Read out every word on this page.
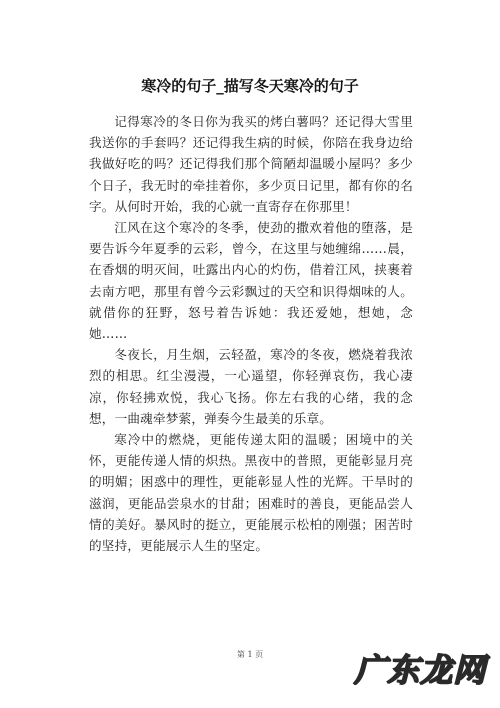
寒冷的句子_描写冬天寒冷的句子

记得寒冷的冬日你为我买的烤白薯吗？还记得大雪里我送你的手套吗？还记得我生病的时候，你陪在我身边给我做好吃的吗？还记得我们那个简陋却温暖小屋吗？多少个日子，我无时的牵挂着你，多少页日记里，都有你的名字。从何时开始，我的心就一直寄存在你那里！

江风在这个寒冷的冬季，使劲的撒欢着他的堕落，是要告诉今年夏季的云彩，曾今，在这里与她缠绵……晨，在香烟的明灭间，吐露出内心的灼伤，借着江风，挟裹着去南方吧，那里有曾今云彩飘过的天空和识得烟味的人。就借你的狂野，怒号着告诉她：我还爱她，想她，念她……

冬夜长，月生烟，云轻盈，寒冷的冬夜，燃烧着我浓烈的相思。红尘漫漫，一心遥望，你轻弹哀伤，我心凄凉，你轻拂欢悦，我心飞扬。你左右我的心绪，我的念想，一曲魂牵梦萦，弹奏今生最美的乐章。

寒冷中的燃烧，更能传递太阳的温暖；困境中的关怀，更能传递人情的炽热。黑夜中的普照，更能彰显月亮的明媚；困惑中的理性，更能彰显人性的光辉。干旱时的滋润，更能品尝泉水的甘甜；困难时的善良，更能品尝人情的美好。暴风时的挺立，更能展示松柏的刚强；困苦时的坚持，更能展示人生的坚定。

第 1 页	广东龙网
